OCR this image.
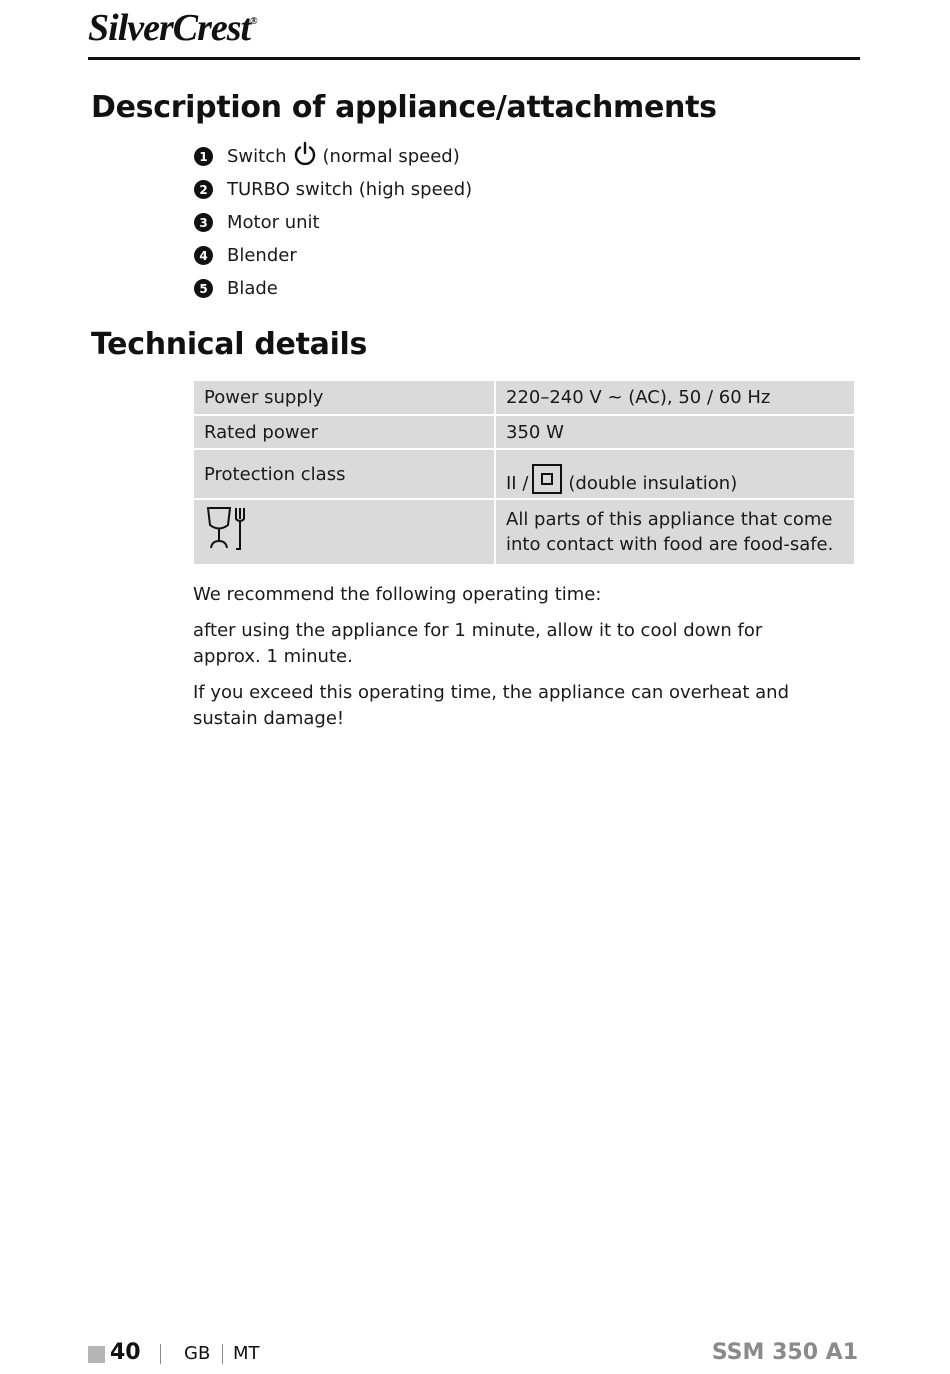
SilverCrest®
Description of appliance/attachments
1 Switch (normal speed)
2 TURBO switch (high speed)
3 Motor unit
4 Blender
5 Blade
Technical details
Power supply	220–240 V ~ (AC), 50 / 60 Hz
Rated power	350 W
Protection class	II / (double insulation)

	All parts of this appliance that come into contact with food are food-safe.

We recommend the following operating time:

after using the appliance for 1 minute, allow it to cool down for approx. 1 minute.

If you exceed this operating time, the appliance can overheat and sustain damage!

40 GB MT	SSM 350 A1
